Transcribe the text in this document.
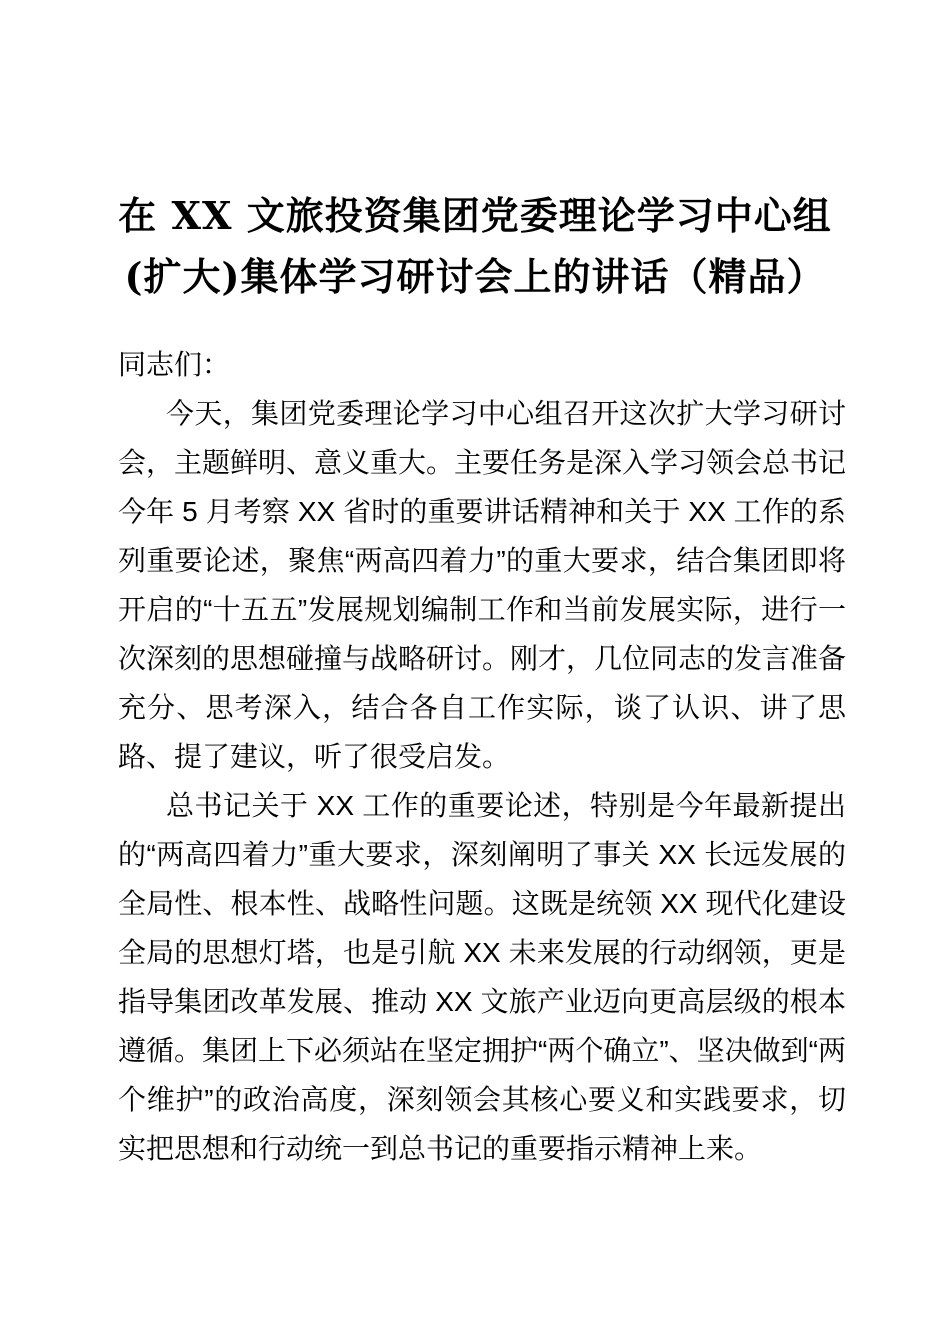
在 XX 文旅投资集团党委理论学习中心组(扩大)集体学习研讨会上的讲话（精品）

同志们：

今天，集团党委理论学习中心组召开这次扩大学习研讨会，主题鲜明、意义重大。主要任务是深入学习领会总书记今年 5 月考察 XX 省时的重要讲话精神和关于 XX 工作的系列重要论述，聚焦“两高四着力”的重大要求，结合集团即将开启的“十五五”发展规划编制工作和当前发展实际，进行一次深刻的思想碰撞与战略研讨。刚才，几位同志的发言准备充分、思考深入，结合各自工作实际，谈了认识、讲了思路、提了建议，听了很受启发。

总书记关于 XX 工作的重要论述，特别是今年最新提出的“两高四着力”重大要求，深刻阐明了事关 XX 长远发展的全局性、根本性、战略性问题。这既是统领 XX 现代化建设全局的思想灯塔，也是引航 XX 未来发展的行动纲领，更是指导集团改革发展、推动 XX 文旅产业迈向更高层级的根本遵循。集团上下必须站在坚定拥护“两个确立”、坚决做到“两个维护”的政治高度，深刻领会其核心要义和实践要求，切实把思想和行动统一到总书记的重要指示精神上来。
